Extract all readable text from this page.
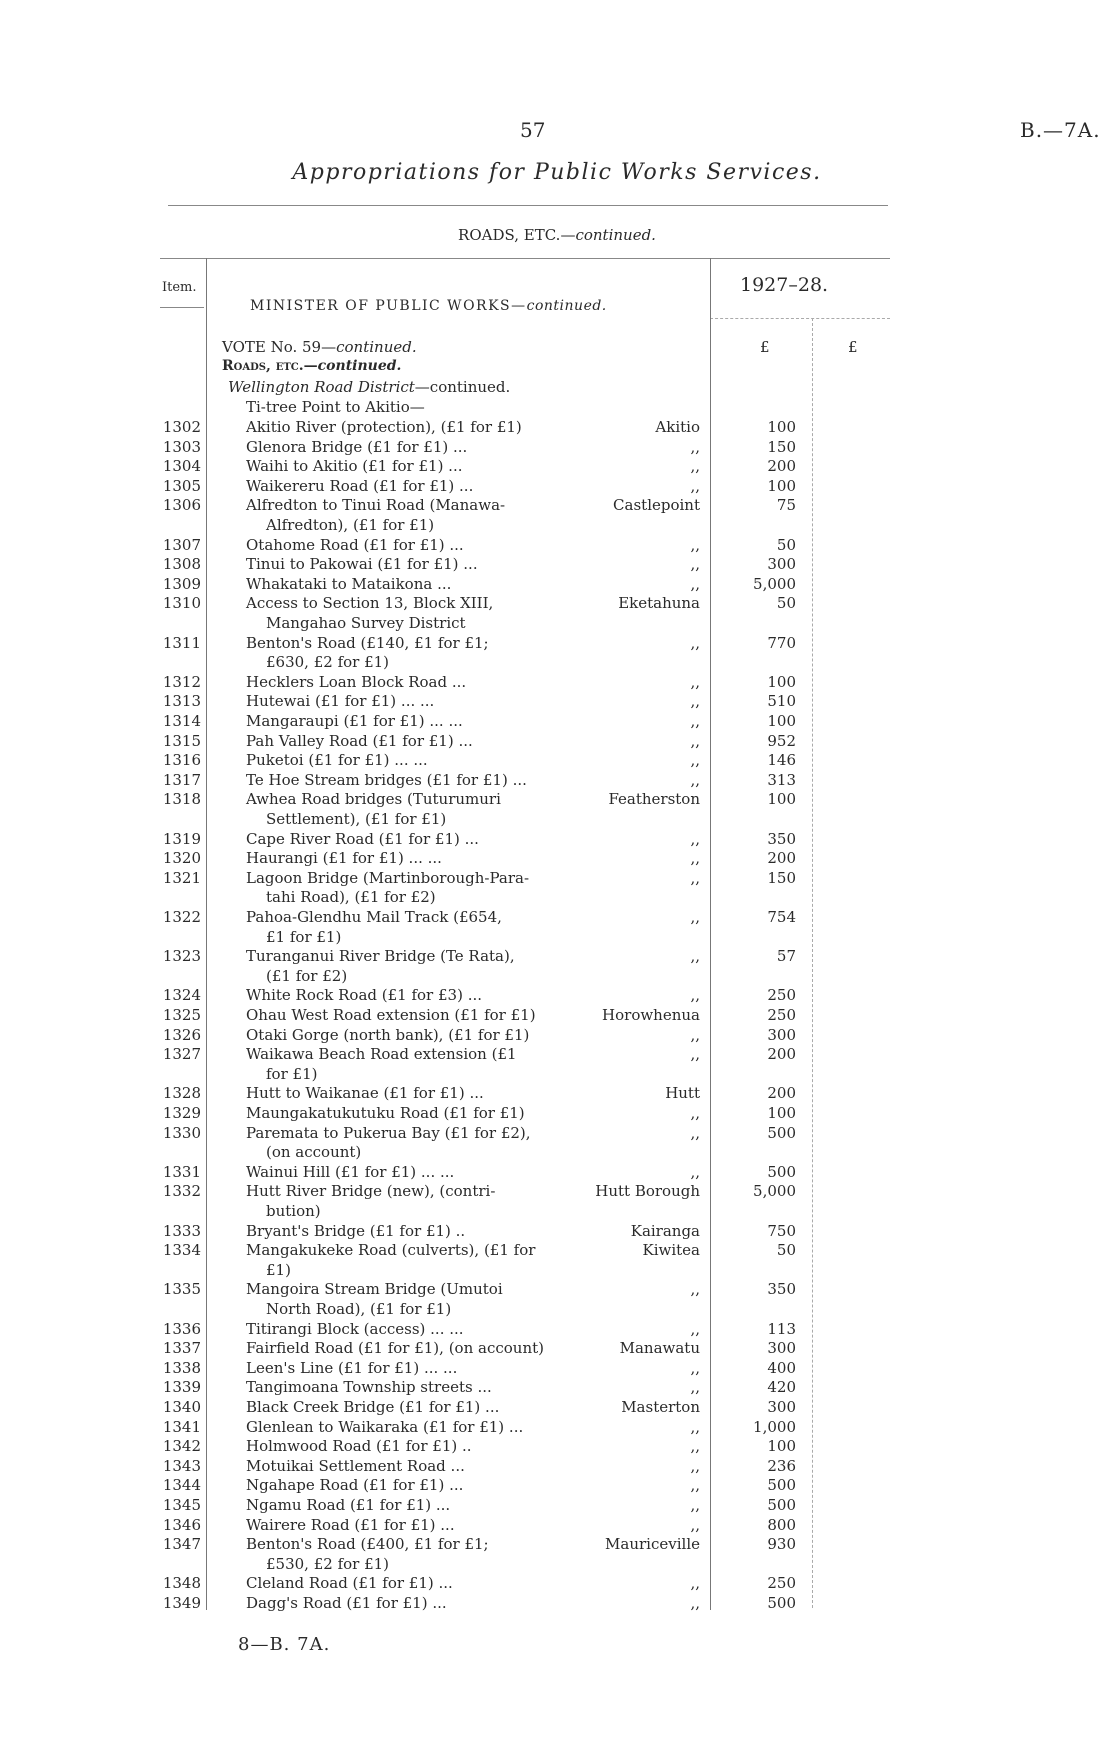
57	B.—7A.
Appropriations for Public Works Services.
ROADS, ETC.—continued.
Item.
MINISTER OF PUBLIC WORKS—continued.
1927–28.
£	£
VOTE No. 59—continued.
Roads, etc.—continued.
Wellington Road District—continued.
Ti-tree Point to Akitio—
1302	Akitio River (protection), (£1 for £1)	Akitio	100
1303	Glenora Bridge (£1 for £1) ...	,,	150
1304	Waihi to Akitio (£1 for £1) ...	,,	200
1305	Waikereru Road (£1 for £1) ...	,,	100
1306	Alfredton to Tinui Road (Manawa-
Alfredton), (£1 for £1)
Castlepoint	75
1307	Otahome Road (£1 for £1) ...	,,	50
1308	Tinui to Pakowai (£1 for £1) ...	,,	300
1309	Whakataki to Mataikona ...	,,	5,000
1310	Access to Section 13, Block XIII,
Mangahao Survey District
Eketahuna	50
1311	Benton's Road (£140, £1 for £1;
£630, £2 for £1)
,,	770
1312	Hecklers Loan Block Road ...	,,	100
1313	Hutewai (£1 for £1) ... ...	,,	510
1314	Mangaraupi (£1 for £1) ... ...	,,	100
1315	Pah Valley Road (£1 for £1) ...	,,	952
1316	Puketoi (£1 for £1) ... ...	,,	146
1317	Te Hoe Stream bridges (£1 for £1) ...	,,	313
1318	Awhea Road bridges (Tuturumuri
Settlement), (£1 for £1)
Featherston	100
1319	Cape River Road (£1 for £1) ...	,,	350
1320	Haurangi (£1 for £1) ... ...	,,	200
1321	Lagoon Bridge (Martinborough-Para-
tahi Road), (£1 for £2)
,,	150
1322	Pahoa-Glendhu Mail Track (£654,
£1 for £1)
,,	754
1323	Turanganui River Bridge (Te Rata),
(£1 for £2)
,,	57
1324	White Rock Road (£1 for £3) ...	,,	250
1325	Ohau West Road extension (£1 for £1)	Horowhenua	250
1326	Otaki Gorge (north bank), (£1 for £1)	,,	300
1327	Waikawa Beach Road extension (£1
for £1)
,,	200
1328	Hutt to Waikanae (£1 for £1) ...	Hutt	200
1329	Maungakatukutuku Road (£1 for £1)	,,	100
1330	Paremata to Pukerua Bay (£1 for £2),
(on account)
,,	500
1331	Wainui Hill (£1 for £1) ... ...	,,	500
1332	Hutt River Bridge (new), (contri-
bution)
Hutt Borough	5,000
1333	Bryant's Bridge (£1 for £1) ..	Kairanga	750
1334	Mangakukeke Road (culverts), (£1 for
£1)
Kiwitea	50
1335	Mangoira Stream Bridge (Umutoi
North Road), (£1 for £1)
,,	350
1336	Titirangi Block (access) ... ...	,,	113
1337	Fairfield Road (£1 for £1), (on account)	Manawatu	300
1338	Leen's Line (£1 for £1) ... ...	,,	400
1339	Tangimoana Township streets ...	,,	420
1340	Black Creek Bridge (£1 for £1) ...	Masterton	300
1341	Glenlean to Waikaraka (£1 for £1) ...	,,	1,000
1342	Holmwood Road (£1 for £1) ..	,,	100
1343	Motuikai Settlement Road ...	,,	236
1344	Ngahape Road (£1 for £1) ...	,,	500
1345	Ngamu Road (£1 for £1) ...	,,	500
1346	Wairere Road (£1 for £1) ...	,,	800
1347	Benton's Road (£400, £1 for £1;
£530, £2 for £1)
Mauriceville	930
1348	Cleland Road (£1 for £1) ...	,,	250
1349	Dagg's Road (£1 for £1) ...	,,	500
8—B. 7A.
